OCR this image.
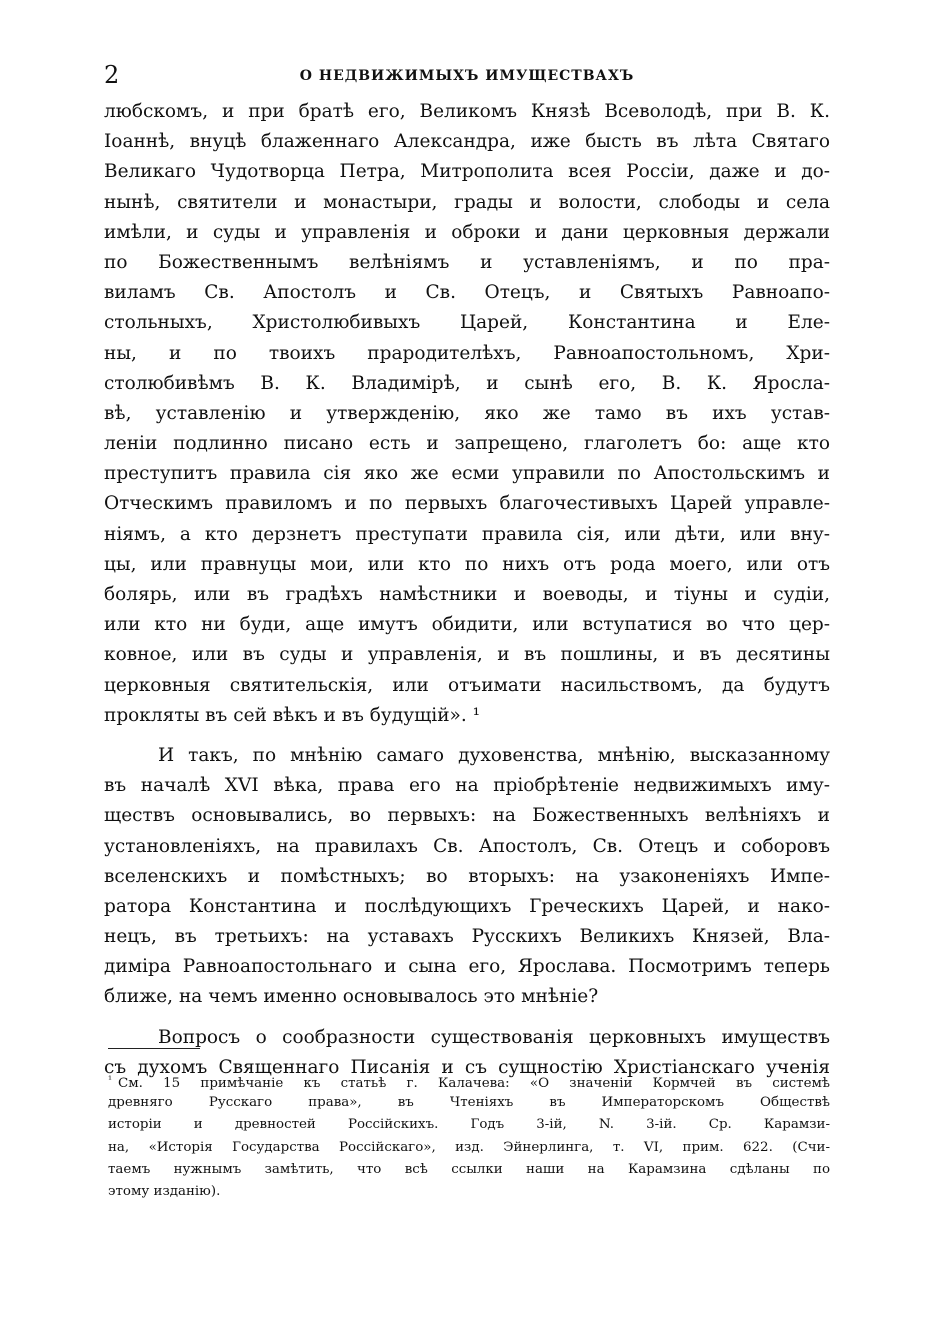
2	О НЕДВИЖИМЫХЪ ИМУЩЕСТВАХЪ
любскомъ, и при братѣ его, Великомъ Князѣ Всеволодѣ, при В. К.
Іоаннѣ, внуцѣ блаженнаго Александра, иже бысть въ лѣта Святаго
Великаго Чудотворца Петра, Митрополита всея Россіи, даже и до-
нынѣ, святители и монастыри, грады и волости, слободы и села
имѣли, и суды и управленія и оброки и дани церковныя держали
по Божественнымъ велѣніямъ и уставленіямъ, и по пра-
виламъ Св. Апостолъ и Св. Отецъ, и Святыхъ Равноапо-
стольныхъ, Христолюбивыхъ Царей, Константина и Еле-
ны, и по твоихъ прародителѣхъ, Равноапостольномъ, Хри-
столюбивѣмъ В. К. Владимірѣ, и сынѣ его, В. К. Яросла-
вѣ, уставленію и утвержденію, яко же тамо въ ихъ устав-
леніи подлинно писано есть и запрещено, глаголетъ бо: аще кто
преступитъ правила сія яко же есми управили по Апостольскимъ и
Отческимъ правиломъ и по первыхъ благочестивыхъ Царей управле-
ніямъ, а кто дерзнетъ преступати правила сія, или дѣти, или вну-
цы, или правнуцы мои, или кто по нихъ отъ рода моего, или отъ
болярь, или въ градѣхъ намѣстники и воеводы, и тіуны и судіи,
или кто ни буди, аще имутъ обидити, или вступатися во что цер-
ковное, или въ суды и управленія, и въ пошлины, и въ десятины
церковныя святительскія, или отъимати насильствомъ, да будутъ
прокляты въ сей вѣкъ и въ будущій». ¹
И такъ, по мнѣнію самаго духовенства, мнѣнію, высказанному
въ началѣ XVI вѣка, права его на пріобрѣтеніе недвижимыхъ иму-
ществъ основывались, во первыхъ: на Божественныхъ велѣніяхъ и
установленіяхъ, на правилахъ Св. Апостолъ, Св. Отецъ и соборовъ
вселенскихъ и помѣстныхъ; во вторыхъ: на узаконеніяхъ Импе-
ратора Константина и послѣдующихъ Греческихъ Царей, и нако-
нецъ, въ третьихъ: на уставахъ Русскихъ Великихъ Князей, Вла-
диміра Равноапостольнаго и сына его, Ярослава. Посмотримъ теперь
ближе, на чемъ именно основывалось это мнѣніе?
Вопросъ о сообразности существованія церковныхъ имуществъ
съ духомъ Священнаго Писанія и съ сущностію Христіанскаго ученія
$^{^1}$ См. 15 примѣчаніе къ статьѣ г. Калачева: «О значеніи Кормчей въ системѣ
древняго Русскаго права», въ Чтеніяхъ въ Императорскомъ Обществѣ
исторіи и древностей Россійскихъ. Годъ 3-ій, N. 3-ій. Ср. Карамзи-
на, «Исторія Государства Россійскаго», изд. Эйнерлинга, т. VI, прим. 622. (Счи-
таемъ нужнымъ замѣтить, что всѣ ссылки наши на Карамзина сдѣланы по
этому изданію).
